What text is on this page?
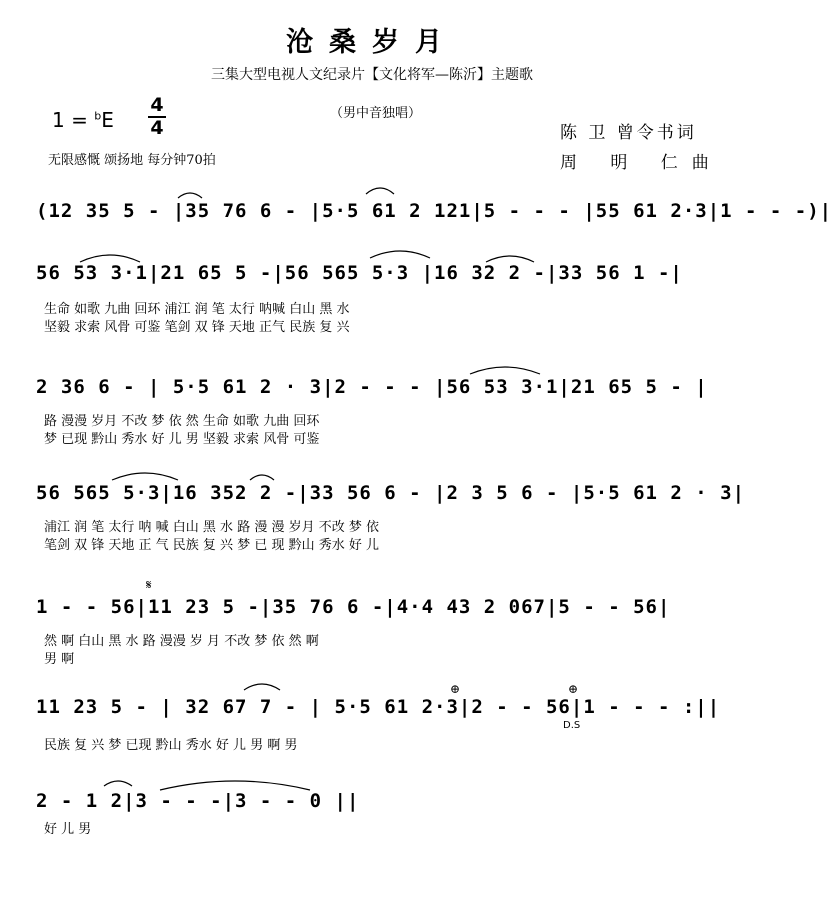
沧桑岁月
三集大型电视人文纪录片【文化将军—陈沂】主题歌
（男中音独唱）
1 = $^b$E
4
4
无限感慨 颂扬地 每分钟70拍
陈 卫 曾令书词
周 明 仁曲
(12 35 5 - |35 76 6 - |5·5 61 2 121|5 - - - |55 61 2·3|1 - - -)|
56 53 3·1|21 65 5 -|56 565 5·3 |16 32 2 -|33 56 1 -|
生命 如歌 九曲 回环 浦江 润 笔 太行 呐喊 白山 黑 水
坚毅 求索 风骨 可鉴 笔剑 双 锋 天地 正气 民族 复 兴
2 36 6 - | 5·5 61 2 · 3|2 - - - |56 53 3·1|21 65 5 - |
路 漫漫 岁月 不改 梦 依 然 生命 如歌 九曲 回环
梦 已现 黔山 秀水 好 儿 男 坚毅 求索 风骨 可鉴
56 565 5·3|16 352 2 -|33 56 6 - |2 3 5 6 - |5·5 61 2 · 3|
浦江 润 笔 太行 呐 喊 白山 黑 水 路 漫 漫 岁月 不改 梦 依
笔剑 双 锋 天地 正 气 民族 复 兴 梦 已 现 黔山 秀水 好 儿
1 - - 56|11 23 5 -|35 76 6 -|4·4 43 2 067|5 - - 56|
然 啊 白山 黑 水 路 漫漫 岁 月 不改 梦 依 然 啊
男 啊
11 23 5 - | 32 67 7 - | 5·5 61 2·3|2 - - 56|1 - - - :||
民族 复 兴 梦 已现 黔山 秀水 好 儿 男 啊 男
2 - 1 2|3 - - -|3 - - 0 ||
好 儿 男
𝄋
⊕	⊕
D.S
